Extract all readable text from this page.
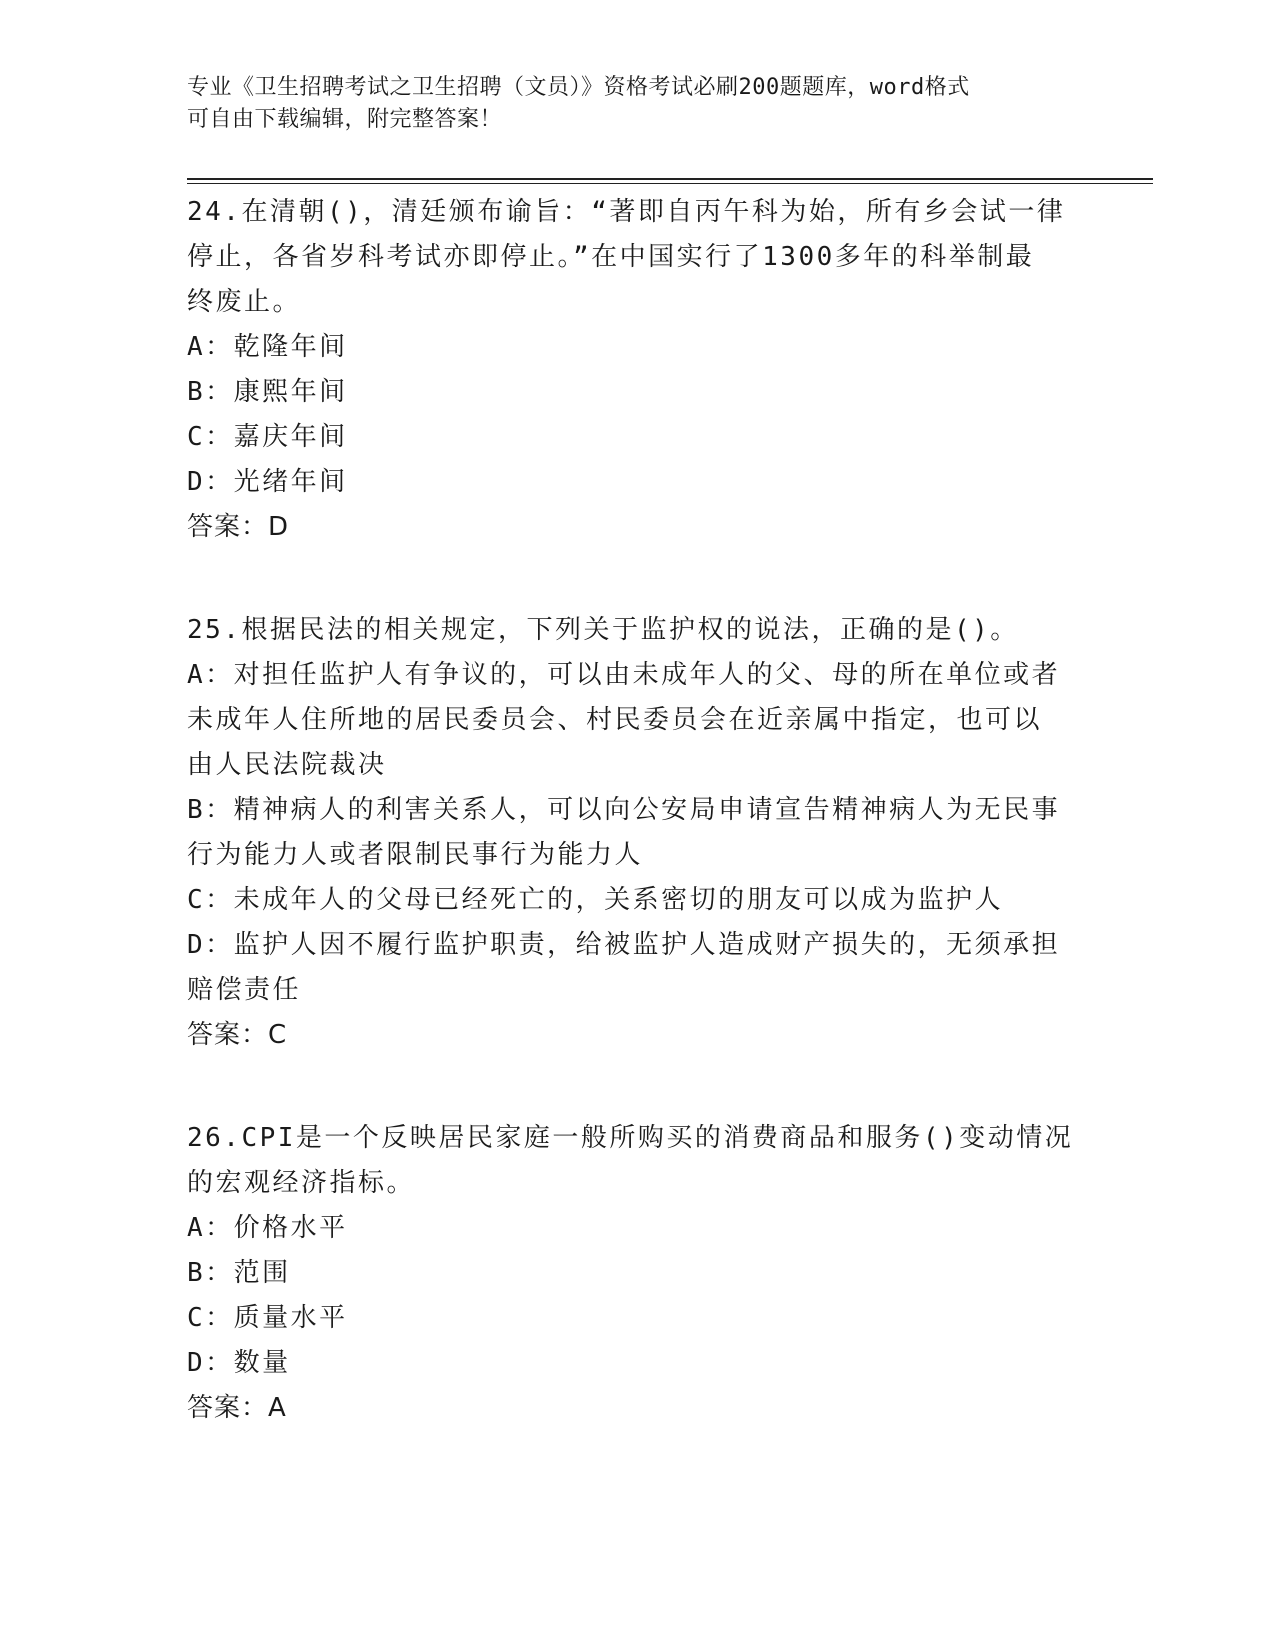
专业《卫生招聘考试之卫生招聘（文员）》资格考试必刷200题题库，word格式
可自由下载编辑，附完整答案！

24.在清朝()，清廷颁布谕旨：“著即自丙午科为始，所有乡会试一律

停止，各省岁科考试亦即停止。”在中国实行了1300多年的科举制最

终废止。

A：乾隆年间

B：康熙年间

C：嘉庆年间

D：光绪年间

答案：D

25.根据民法的相关规定，下列关于监护权的说法，正确的是()。

A：对担任监护人有争议的，可以由未成年人的父、母的所在单位或者

未成年人住所地的居民委员会、村民委员会在近亲属中指定，也可以

由人民法院裁决

B：精神病人的利害关系人，可以向公安局申请宣告精神病人为无民事

行为能力人或者限制民事行为能力人

C：未成年人的父母已经死亡的，关系密切的朋友可以成为监护人

D：监护人因不履行监护职责，给被监护人造成财产损失的，无须承担

赔偿责任

答案：C

26.CPI是一个反映居民家庭一般所购买的消费商品和服务()变动情况

的宏观经济指标。

A：价格水平

B：范围

C：质量水平

D：数量

答案：A
